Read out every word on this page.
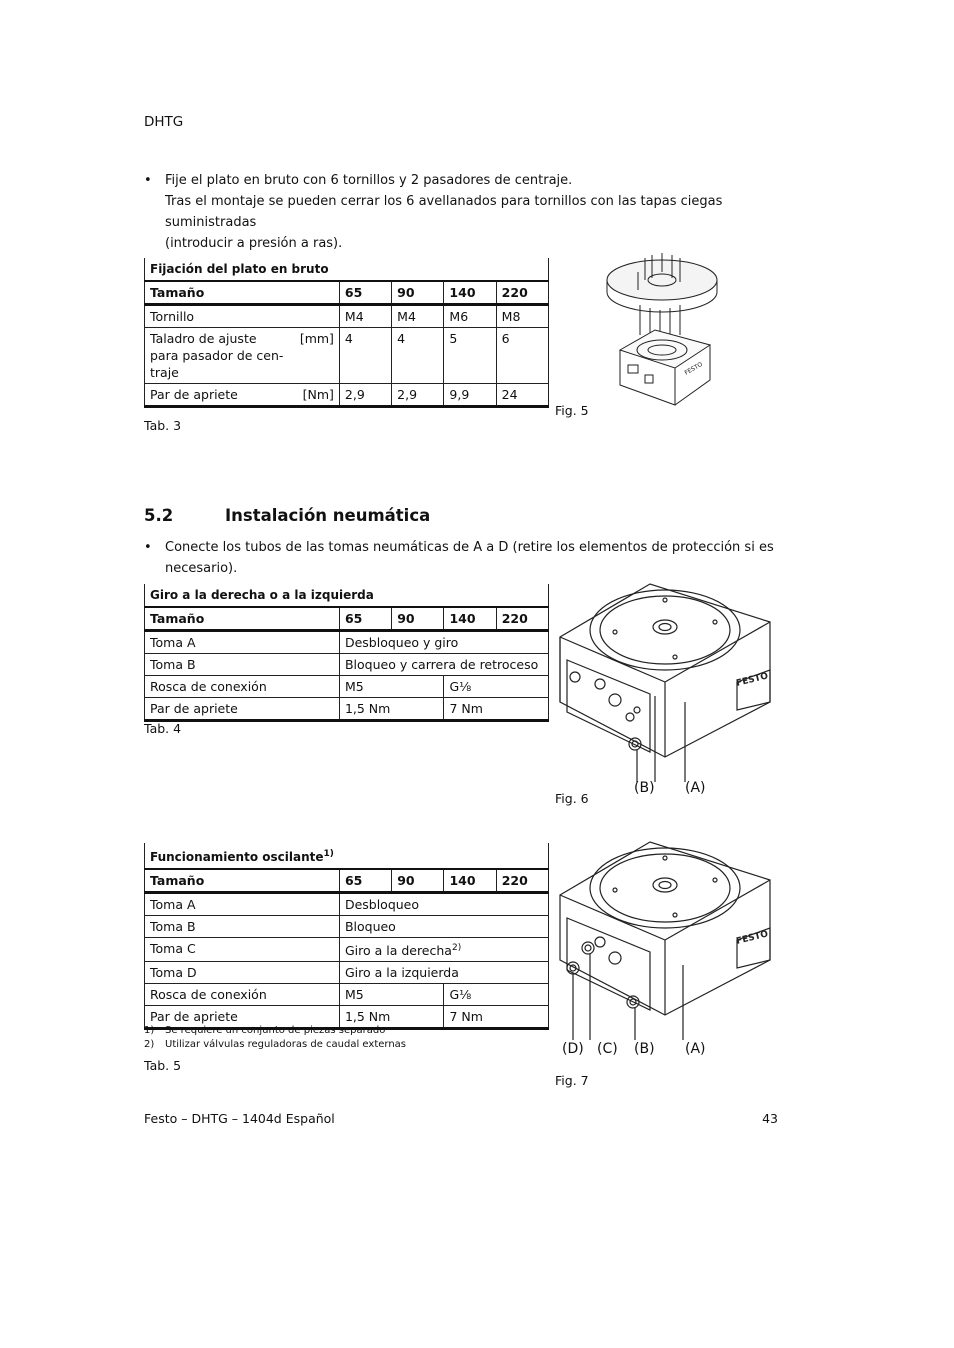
DHTG
• Fije el plato en bruto con 6 tornillos y 2 pasadores de centraje.
Tras el montaje se pueden cerrar los 6 avellanados para tornillos con las tapas ciegas suministradas
(introducir a presión a ras).
Fijación del plato en bruto				
Tamaño	65	90	140	220
Tornillo	M4	M4	M6	M8

Taladro de ajuste [mm]
para pasador de cen-
traje	4	4	5	6
Par de apriete [Nm]	2,9	2,9	9,9	24
Tab. 3
FESTO
Fig. 5
5.2	Instalación neumática
• Conecte los tubos de las tomas neumáticas de A a D (retire los elementos de protección si es
necesario).
Giro a la derecha o a la izquierda				
Tamaño	65	90	140	220
Toma A	Desbloqueo y giro			
Toma B	Bloqueo y carrera de retroceso			
Rosca de conexión	M5		G⅛	
Par de apriete	1,5 Nm		7 Nm	
Tab. 4
FESTO
(B) (A)
Fig. 6
Funcionamiento oscilante$^{1)}$
Tamaño	65	90	140	220
Toma A	Desbloqueo			
Toma B	Bloqueo			
Toma C	Giro a la derecha$^{2)}$
Toma D	Giro a la izquierda			
Rosca de conexión	M5		G⅛	
Par de apriete	1,5 Nm		7 Nm	
1) Se requiere un conjunto de piezas separado
2) Utilizar válvulas reguladoras de caudal externas
Tab. 5
FESTO
(D) (C) (B) (A)
Fig. 7
Festo – DHTG – 1404d Español	43
